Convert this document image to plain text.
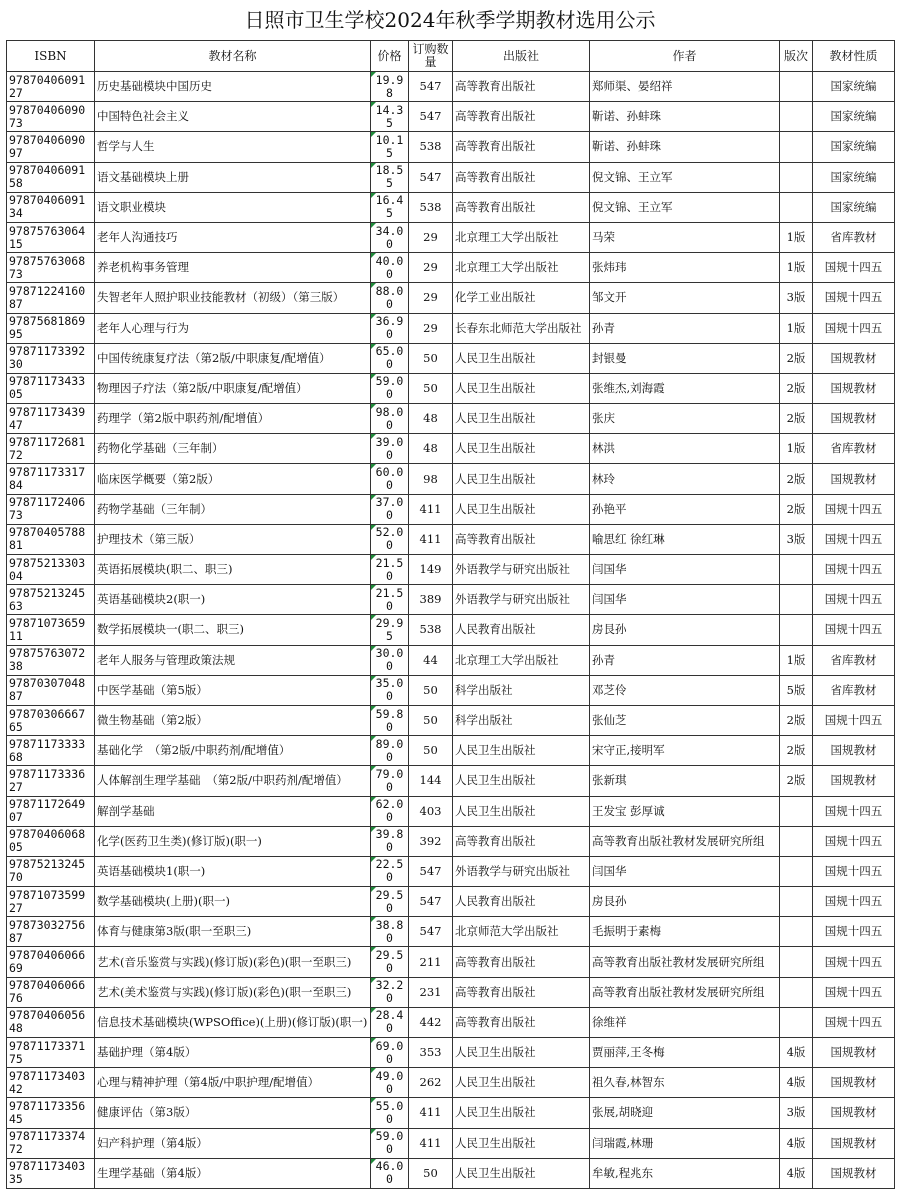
日照市卫生学校2024年秋季学期教材选用公示
ISBN	教材名称	价格	订购数量	出版社	作者	版次	教材性质
9787040609127	历史基础模块中国历史	19.98	547	高等教育出版社	郑师渠、晏绍祥		国家统编
9787040609073	中国特色社会主义	14.35	547	高等教育出版社	靳诺、孙蚌珠		国家统编
9787040609097	哲学与人生	10.15	538	高等教育出版社	靳诺、孙蚌珠		国家统编
9787040609158	语文基础模块上册	18.55	547	高等教育出版社	倪文锦、王立军		国家统编
9787040609134	语文职业模块	16.45	538	高等教育出版社	倪文锦、王立军		国家统编
9787576306415	老年人沟通技巧	34.00	29	北京理工大学出版社	马荣	1版	省库教材
9787576306873	养老机构事务管理	40.00	29	北京理工大学出版社	张炜玮	1版	国规十四五
9787122416087	失智老年人照护职业技能教材（初级）（第三版）	88.00	29	化学工业出版社	邹文开	3版	国规十四五
9787568186995	老年人心理与行为	36.90	29	长春东北师范大学出版社	孙青	1版	国规十四五
9787117339230	中国传统康复疗法（第2版/中职康复/配增值）	65.00	50	人民卫生出版社	封银曼	2版	国规教材
9787117343305	物理因子疗法（第2版/中职康复/配增值）	59.00	50	人民卫生出版社	张维杰,刘海霞	2版	国规教材
9787117343947	药理学（第2版中职药剂/配增值）	98.00	48	人民卫生出版社	张庆	2版	国规教材
9787117268172	药物化学基础（三年制）	39.00	48	人民卫生出版社	林洪	1版	省库教材
9787117331784	临床医学概要（第2版）	60.00	98	人民卫生出版社	林玲	2版	国规教材
9787117240673	药物学基础（三年制）	37.00	411	人民卫生出版社	孙艳平	2版	国规十四五
9787040578881	护理技术（第三版）	52.00	411	高等教育出版社	喻思红 徐红琳	3版	国规十四五
9787521330304	英语拓展模块(职二、职三)	21.50	149	外语教学与研究出版社	闫国华		国规十四五
9787521324563	英语基础模块2(职一)	21.50	389	外语教学与研究出版社	闫国华		国规十四五
9787107365911	数学拓展模块一(职二、职三)	29.95	538	人民教育出版社	房艮孙		国规十四五
9787576307238	老年人服务与管理政策法规	30.00	44	北京理工大学出版社	孙青	1版	省库教材
9787030704887	中医学基础（第5版）	35.00	50	科学出版社	邓芝伶	5版	省库教材
9787030666765	微生物基础（第2版）	59.80	50	科学出版社	张仙芝	2版	国规十四五
9787117333368	基础化学　（第2版/中职药剂/配增值）	89.00	50	人民卫生出版社	宋守正,接明军	2版	国规教材
9787117333627	人体解剖生理学基础　（第2版/中职药剂/配增值）	79.00	144	人民卫生出版社	张新琪	2版	国规教材
9787117264907	解剖学基础	62.00	403	人民卫生出版社	王发宝 彭厚诚		国规十四五
9787040606805	化学(医药卫生类)(修订版)(职一)	39.80	392	高等教育出版社	高等教育出版社教材发展研究所组		国规十四五
9787521324570	英语基础模块1(职一)	22.50	547	外语教学与研究出版社	闫国华		国规十四五
9787107359927	数学基础模块(上册)(职一)	29.50	547	人民教育出版社	房艮孙		国规十四五
9787303275687	体育与健康第3版(职一至职三)	38.80	547	北京师范大学出版社	毛振明于素梅		国规十四五
9787040606669	艺术(音乐鉴赏与实践)(修订版)(彩色)(职一至职三)	29.50	211	高等教育出版社	高等教育出版社教材发展研究所组		国规十四五
9787040606676	艺术(美术鉴赏与实践)(修订版)(彩色)(职一至职三)	32.20	231	高等教育出版社	高等教育出版社教材发展研究所组		国规十四五
9787040605648	信息技术基础模块(WPSOffice)(上册)(修订版)(职一)	28.40	442	高等教育出版社	徐维祥		国规十四五
9787117337175	基础护理（第4版）	69.00	353	人民卫生出版社	贾丽萍,王冬梅	4版	国规教材
9787117340342	心理与精神护理（第4版/中职护理/配增值）	49.00	262	人民卫生出版社	祖久春,林智东	4版	国规教材
9787117335645	健康评估（第3版）	55.00	411	人民卫生出版社	张展,胡晓迎	3版	国规教材
9787117337472	妇产科护理（第4版）	59.00	411	人民卫生出版社	闫瑞霞,林珊	4版	国规教材
9787117340335	生理学基础（第4版）	46.00	50	人民卫生出版社	牟敏,程兆东	4版	国规教材
